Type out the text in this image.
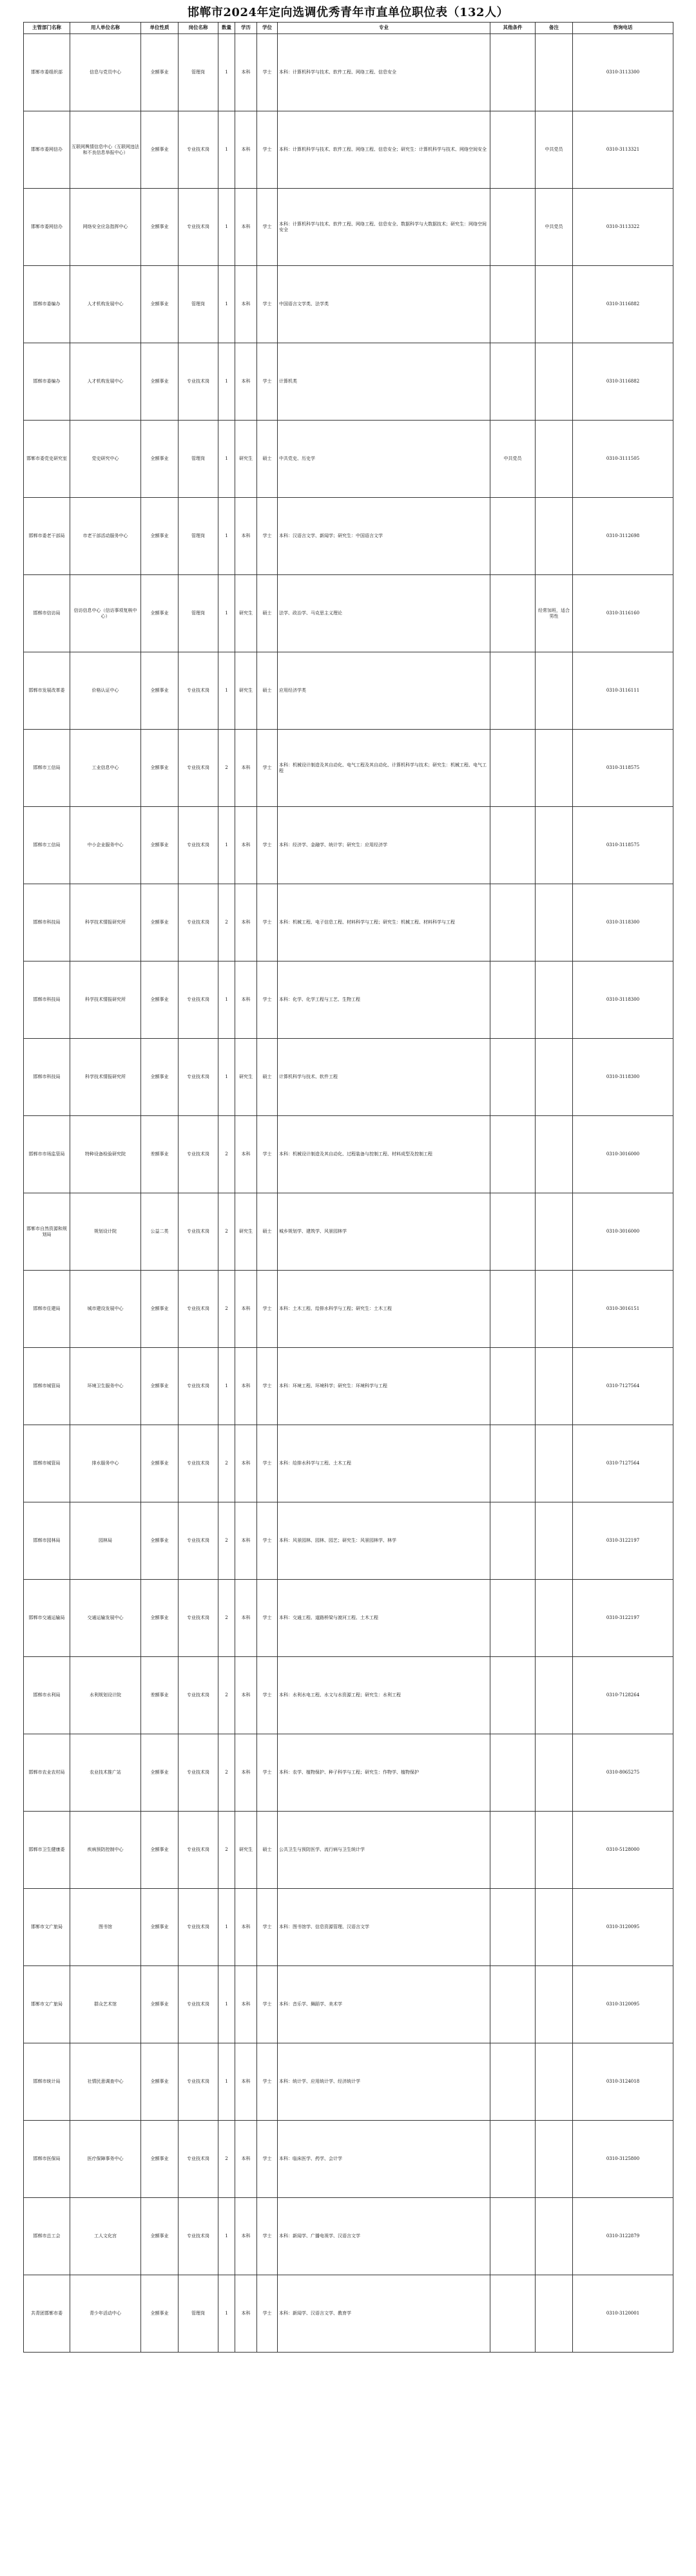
邯郸市2024年定向选调优秀青年市直单位职位表（132人）
主管部门名称	用人单位名称	单位性质	岗位名称	数量	学历	学位	专业	其他条件	备注	咨询电话
邯郸市委组织部	信息与党员中心	全额事业	管理岗	1	本科	学士	本科：计算机科学与技术、软件工程、网络工程、信息安全			0310-3113300
邯郸市委网信办	互联网舆情信息中心（互联网违法和不良信息举报中心）	全额事业	专业技术岗	1	本科	学士	本科：计算机科学与技术、软件工程、网络工程、信息安全；研究生：计算机科学与技术、网络空间安全		中共党员	0310-3113321
邯郸市委网信办	网络安全应急指挥中心	全额事业	专业技术岗	1	本科	学士	本科：计算机科学与技术、软件工程、网络工程、信息安全、数据科学与大数据技术；研究生：网络空间安全		中共党员	0310-3113322
邯郸市委编办	人才机构发展中心	全额事业	管理岗	1	本科	学士	中国语言文学类、法学类			0310-3116882
邯郸市委编办	人才机构发展中心	全额事业	专业技术岗	1	本科	学士	计算机类			0310-3116882
邯郸市委党史研究室	党史研究中心	全额事业	管理岗	1	研究生	硕士	中共党史、历史学	中共党员		0310-3111505
邯郸市委老干部局	市老干部活动服务中心	全额事业	管理岗	1	本科	学士	本科：汉语言文学、新闻学；研究生：中国语言文学			0310-3112698
邯郸市信访局	信访信息中心（信访事项复核中心）	全额事业	管理岗	1	研究生	硕士	法学、政治学、马克思主义理论		经常加班，适合男性	0310-3116160
邯郸市发展改革委	价格认证中心	全额事业	专业技术岗	1	研究生	硕士	应用经济学类			0310-3116111
邯郸市工信局	工业信息中心	全额事业	专业技术岗	2	本科	学士	本科：机械设计制造及其自动化、电气工程及其自动化、计算机科学与技术；研究生：机械工程、电气工程			0310-3118575
邯郸市工信局	中小企业服务中心	全额事业	专业技术岗	1	本科	学士	本科：经济学、金融学、统计学；研究生：应用经济学			0310-3118575
邯郸市科技局	科学技术情报研究所	全额事业	专业技术岗	2	本科	学士	本科：机械工程、电子信息工程、材料科学与工程；研究生：机械工程、材料科学与工程			0310-3118300
邯郸市科技局	科学技术情报研究所	全额事业	专业技术岗	1	本科	学士	本科：化学、化学工程与工艺、生物工程			0310-3118300
邯郸市科技局	科学技术情报研究所	全额事业	专业技术岗	1	研究生	硕士	计算机科学与技术、软件工程			0310-3118300
邯郸市市场监管局	特种设备检验研究院	差额事业	专业技术岗	2	本科	学士	本科：机械设计制造及其自动化、过程装备与控制工程、材料成型及控制工程			0310-3016000
邯郸市自然资源和规划局	规划设计院	公益二类	专业技术岗	2	研究生	硕士	城乡规划学、建筑学、风景园林学			0310-3016000
邯郸市住建局	城市建设发展中心	全额事业	专业技术岗	2	本科	学士	本科：土木工程、给排水科学与工程；研究生：土木工程			0310-3016151
邯郸市城管局	环境卫生服务中心	全额事业	专业技术岗	1	本科	学士	本科：环境工程、环境科学；研究生：环境科学与工程			0310-7127564
邯郸市城管局	排水服务中心	全额事业	专业技术岗	2	本科	学士	本科：给排水科学与工程、土木工程			0310-7127564
邯郸市园林局	园林局	全额事业	专业技术岗	2	本科	学士	本科：风景园林、园林、园艺；研究生：风景园林学、林学			0310-3122197
邯郸市交通运输局	交通运输发展中心	全额事业	专业技术岗	2	本科	学士	本科：交通工程、道路桥梁与渡河工程、土木工程			0310-3122197
邯郸市水利局	水利规划设计院	差额事业	专业技术岗	2	本科	学士	本科：水利水电工程、水文与水资源工程；研究生：水利工程			0310-7128264
邯郸市农业农村局	农业技术推广站	全额事业	专业技术岗	2	本科	学士	本科：农学、植物保护、种子科学与工程；研究生：作物学、植物保护			0310-8065275
邯郸市卫生健康委	疾病预防控制中心	全额事业	专业技术岗	2	研究生	硕士	公共卫生与预防医学、流行病与卫生统计学			0310-5128000
邯郸市文广旅局	图书馆	全额事业	专业技术岗	1	本科	学士	本科：图书馆学、信息资源管理、汉语言文学			0310-3120095
邯郸市文广旅局	群众艺术馆	全额事业	专业技术岗	1	本科	学士	本科：音乐学、舞蹈学、美术学			0310-3120095
邯郸市统计局	社情民意调查中心	全额事业	专业技术岗	1	本科	学士	本科：统计学、应用统计学、经济统计学			0310-3124018
邯郸市医保局	医疗保障事务中心	全额事业	专业技术岗	2	本科	学士	本科：临床医学、药学、会计学			0310-3125800
邯郸市总工会	工人文化宫	全额事业	专业技术岗	1	本科	学士	本科：新闻学、广播电视学、汉语言文学			0310-3122879
共青团邯郸市委	青少年活动中心	全额事业	管理岗	1	本科	学士	本科：新闻学、汉语言文学、教育学			0310-3120001
